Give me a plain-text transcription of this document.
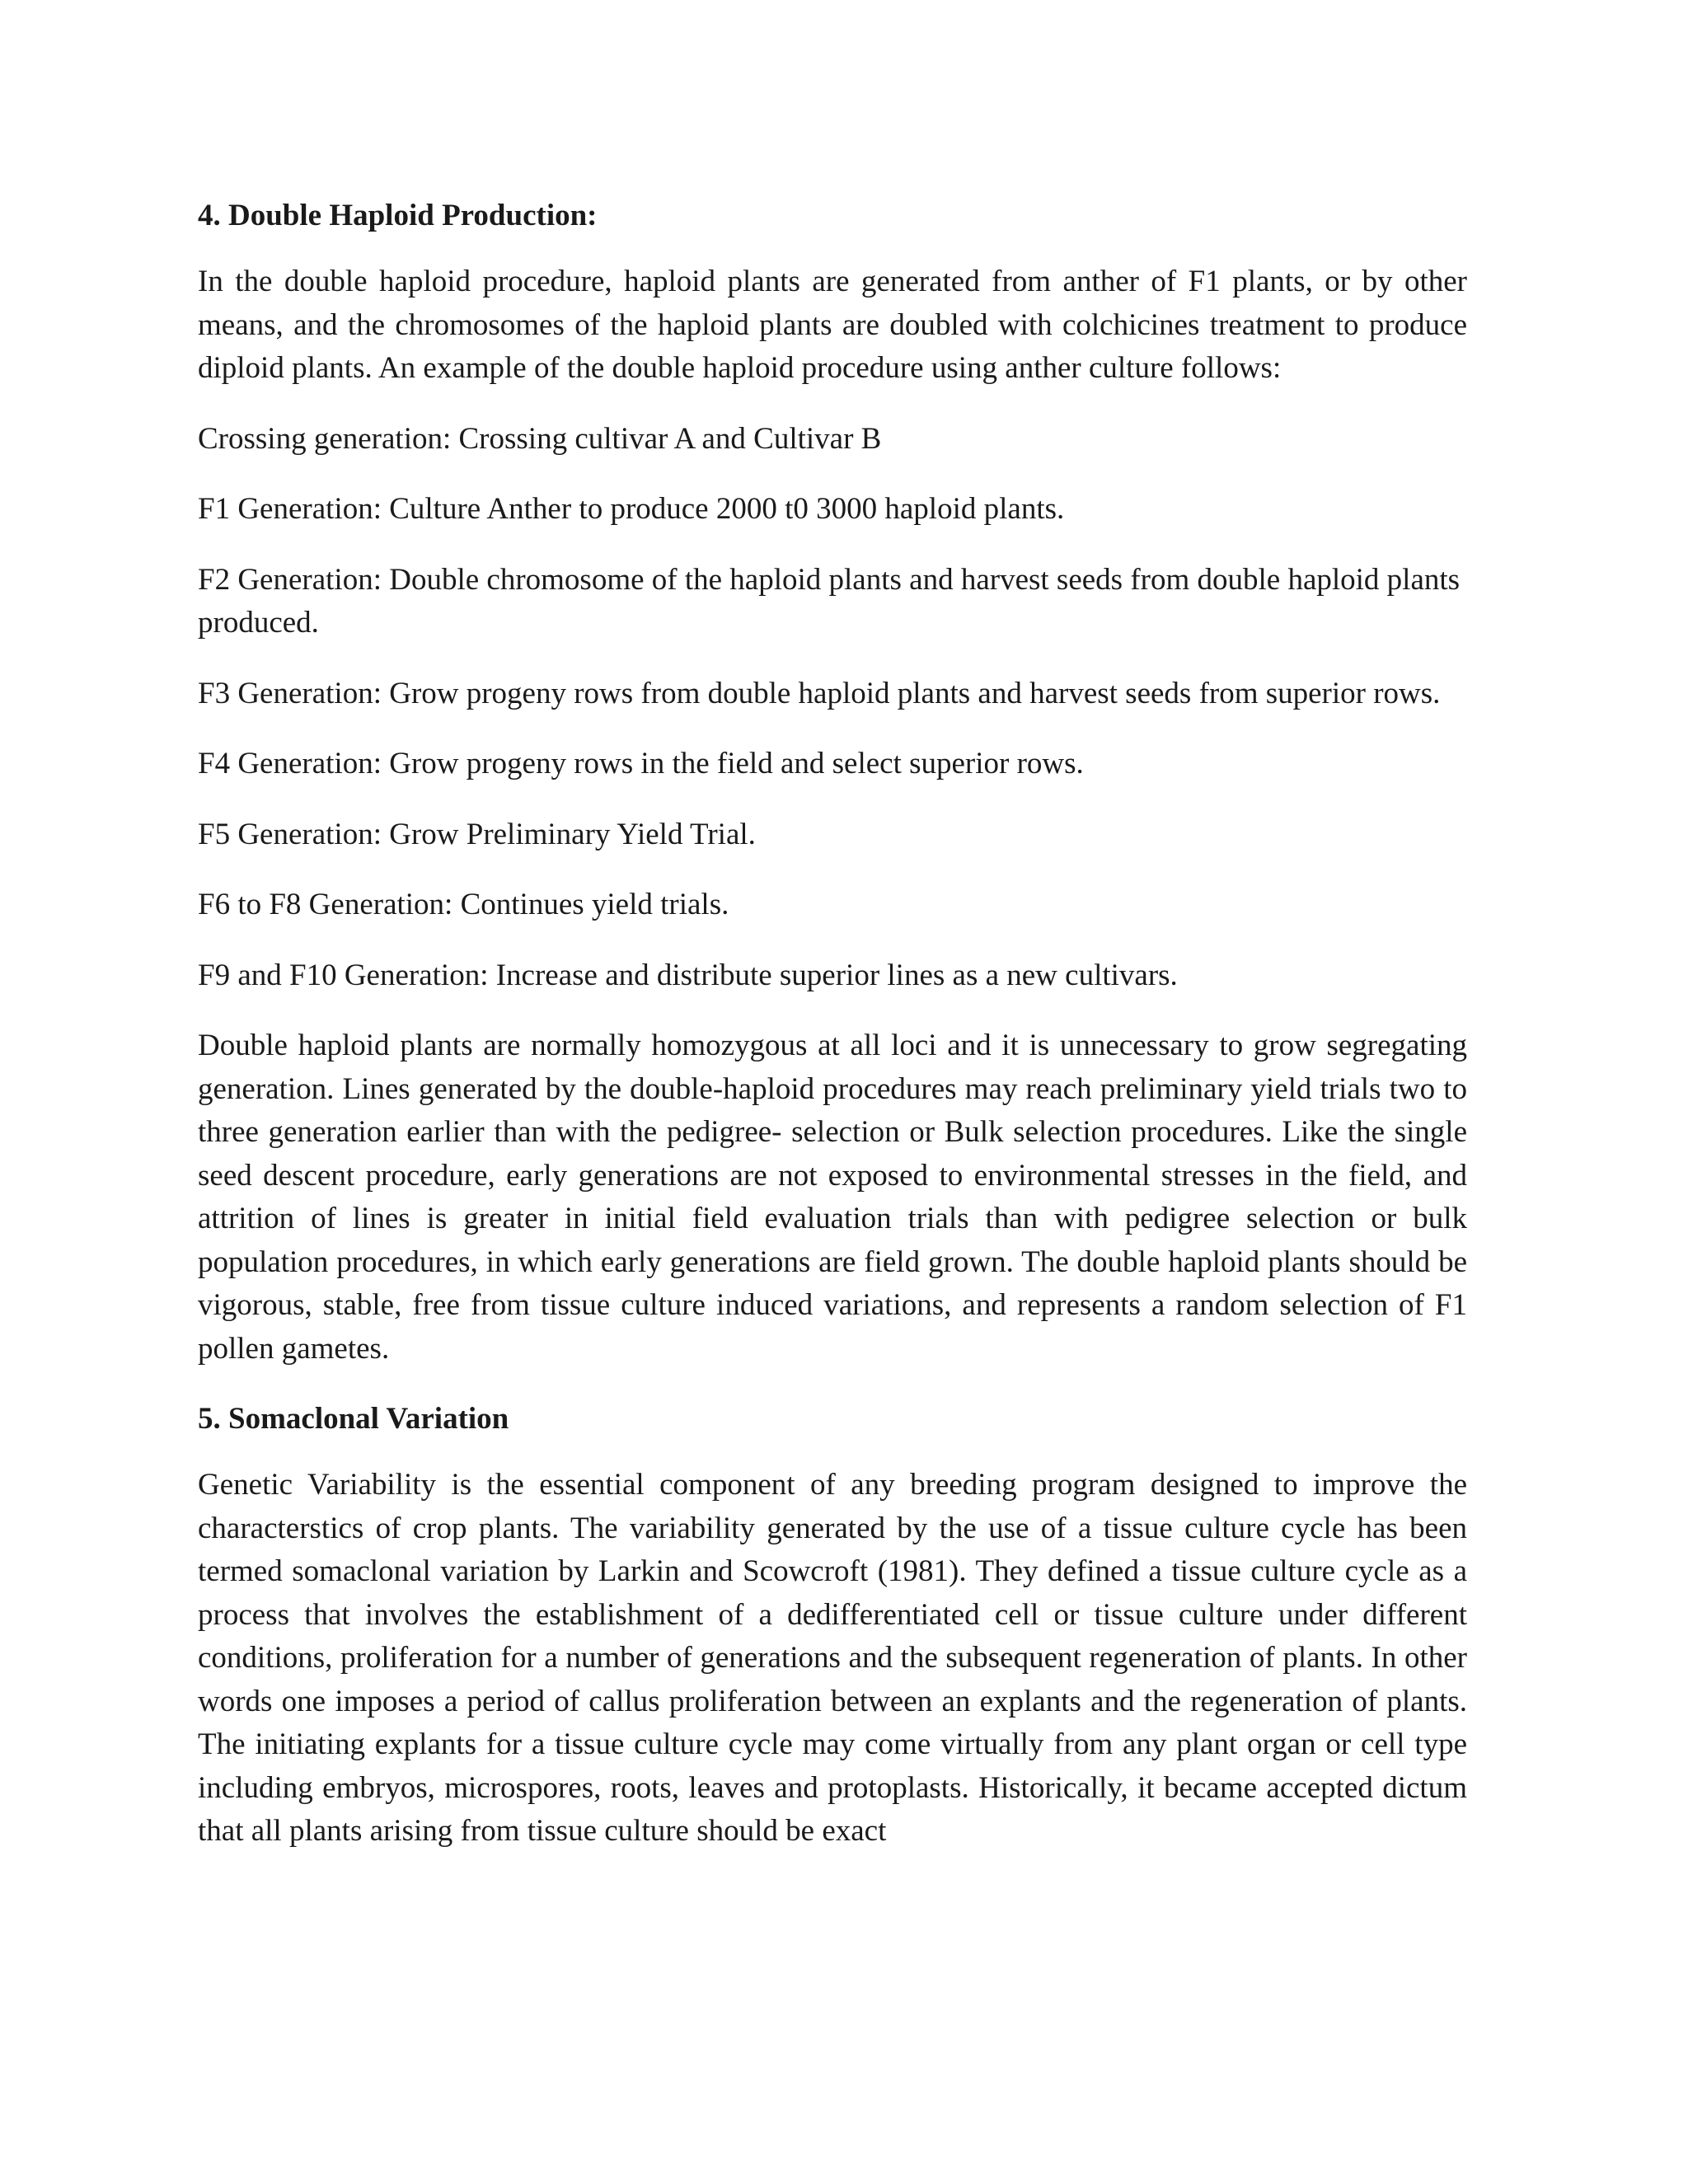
4. Double Haploid Production:

In the double haploid procedure, haploid plants are generated from anther of F1 plants, or by other means, and the chromosomes of the haploid plants are doubled with colchicines treatment to produce diploid plants. An example of the double haploid procedure using anther culture follows:

Crossing generation: Crossing cultivar A and Cultivar B

F1 Generation: Culture Anther to produce 2000 t0 3000 haploid plants.

F2 Generation: Double chromosome of the haploid plants and harvest seeds from double haploid plants produced.

F3 Generation: Grow progeny rows from double haploid plants and harvest seeds from superior rows.

F4 Generation: Grow progeny rows in the field and select superior rows.

F5 Generation: Grow Preliminary Yield Trial.

F6 to F8 Generation: Continues yield trials.

F9 and F10 Generation: Increase and distribute superior lines as a new cultivars.

Double haploid plants are normally homozygous at all loci and it is unnecessary to grow segregating generation. Lines generated by the double-haploid procedures may reach preliminary yield trials two to three generation earlier than with the pedigree- selection or Bulk selection procedures. Like the single seed descent procedure, early generations are not exposed to environmental stresses in the field, and attrition of lines is greater in initial field evaluation trials than with pedigree selection or bulk population procedures, in which early generations are field grown. The double haploid plants should be vigorous, stable, free from tissue culture induced variations, and represents a random selection of F1 pollen gametes.

5. Somaclonal Variation

Genetic Variability is the essential component of any breeding program designed to improve the characterstics of crop plants. The variability generated by the use of a tissue culture cycle has been termed somaclonal variation by Larkin and Scowcroft (1981). They defined a tissue culture cycle as a process that involves the establishment of a dedifferentiated cell or tissue culture under different conditions, proliferation for a number of generations and the subsequent regeneration of plants. In other words one imposes a period of callus proliferation between an explants and the regeneration of plants. The initiating explants for a tissue culture cycle may come virtually from any plant organ or cell type including embryos, microspores, roots, leaves and protoplasts. Historically, it became accepted dictum that all plants arising from tissue culture should be exact
